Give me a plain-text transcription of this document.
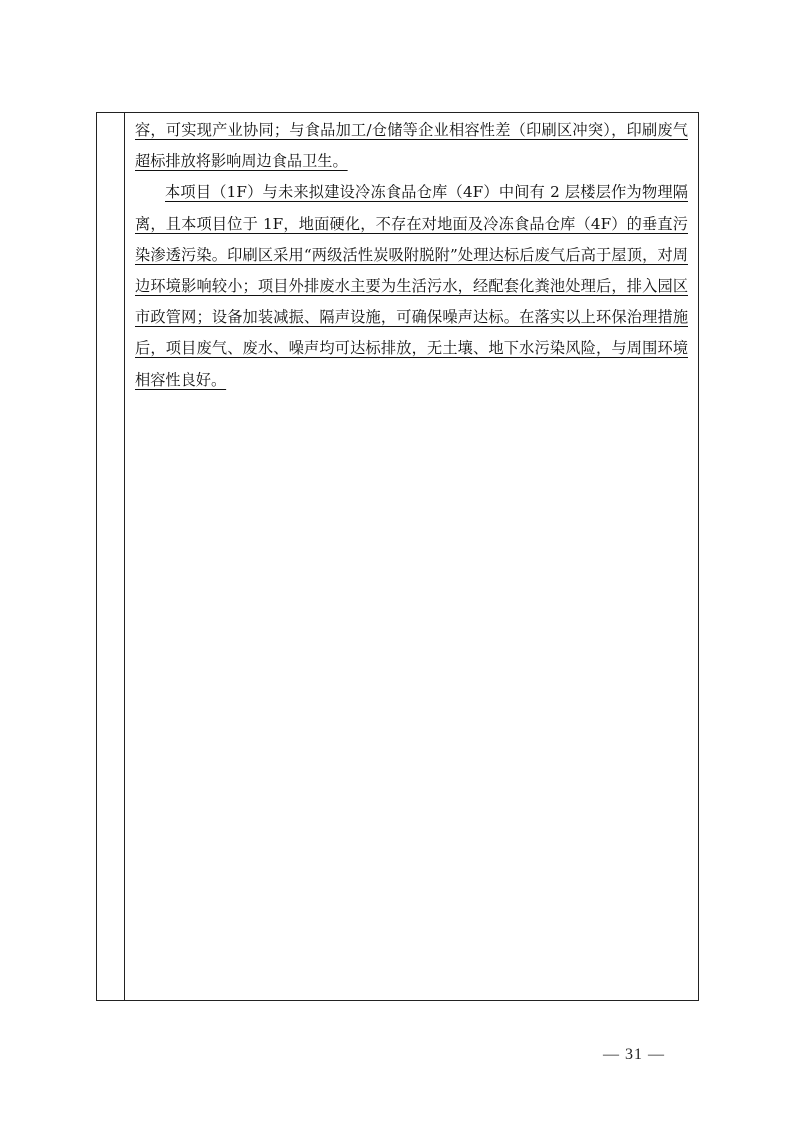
容，可实现产业协同；与食品加工/仓储等企业相容性差（印刷区冲突），印刷废气超标排放将影响周边食品卫生。

本项目（1F）与未来拟建设冷冻食品仓库（4F）中间有 2 层楼层作为物理隔离，且本项目位于 1F，地面硬化，不存在对地面及冷冻食品仓库（4F）的垂直污染渗透污染。印刷区采用“两级活性炭吸附脱附”处理达标后废气后高于屋顶，对周边环境影响较小；项目外排废水主要为生活污水，经配套化粪池处理后，排入园区市政管网；设备加装减振、隔声设施，可确保噪声达标。在落实以上环保治理措施后，项目废气、废水、噪声均可达标排放，无土壤、地下水污染风险，与周围环境相容性良好。

— 31 —
